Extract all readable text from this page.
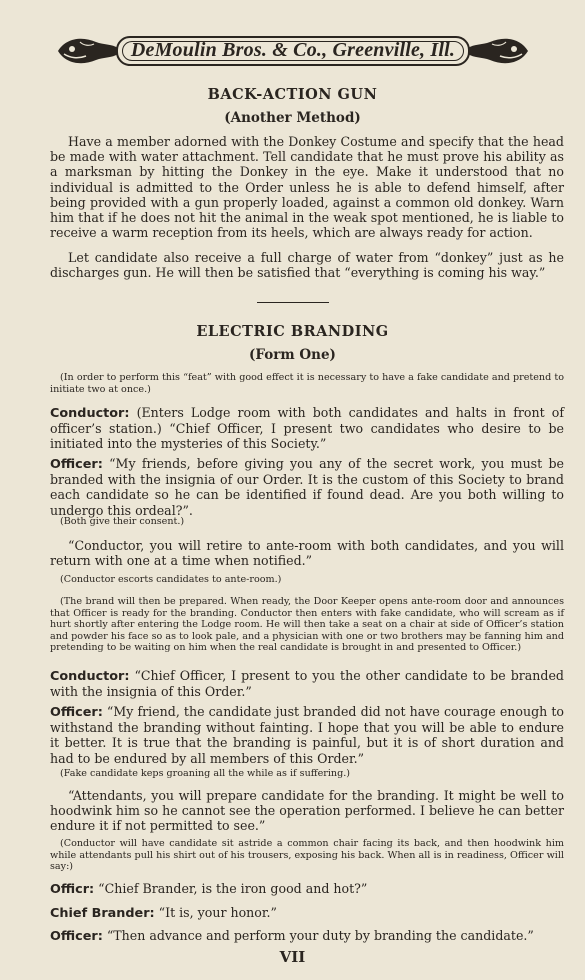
DeMoulin Bros. & Co., Greenville, Ill.
BACK-ACTION GUN
(Another Method)

Have a member adorned with the Donkey Costume and specify that the head be made with water attachment. Tell candidate that he must prove his ability as a marksman by hitting the Donkey in the eye. Make it understood that no individual is admitted to the Order unless he is able to defend himself, after being provided with a gun properly loaded, against a common old donkey. Warn him that if he does not hit the animal in the weak spot mentioned, he is liable to receive a warm reception from its heels, which are always ready for action.

Let candidate also receive a full charge of water from “donkey” just as he discharges gun. He will then be satisfied that “everything is coming his way.”

ELECTRIC BRANDING
(Form One)

(In order to perform this “feat” with good effect it is necessary to have a fake candidate and pretend to initiate two at once.)

Conductor: (Enters Lodge room with both candidates and halts in front of officer’s station.) “Chief Officer, I present two candidates who desire to be initiated into the mysteries of this Society.”

Officer: “My friends, before giving you any of the secret work, you must be branded with the insignia of our Order. It is the custom of this Society to brand each candidate so he can be identified if found dead. Are you both willing to undergo this ordeal?”.

(Both give their consent.)

“Conductor, you will retire to ante-room with both candidates, and you will return with one at a time when notified.”

(Conductor escorts candidates to ante-room.)

(The brand will then be prepared. When ready, the Door Keeper opens ante-room door and announces that Officer is ready for the branding. Conductor then enters with fake candidate, who will scream as if hurt shortly after entering the Lodge room. He will then take a seat on a chair at side of Officer’s station and powder his face so as to look pale, and a physician with one or two brothers may be fanning him and pretending to be waiting on him when the real candidate is brought in and presented to Officer.)

Conductor: “Chief Officer, I present to you the other candidate to be branded with the insignia of this Order.”

Officer: “My friend, the candidate just branded did not have courage enough to withstand the branding without fainting. I hope that you will be able to endure it better. It is true that the branding is painful, but it is of short duration and had to be endured by all members of this Order.”

(Fake candidate keps groaning all the while as if suffering.)

“Attendants, you will prepare candidate for the branding. It might be well to hoodwink him so he cannot see the operation performed. I believe he can better endure it if not permitted to see.”

(Conductor will have candidate sit astride a common chair facing its back, and then hoodwink him while attendants pull his shirt out of his trousers, exposing his back. When all is in readiness, Officer will say:)

Officr: “Chief Brander, is the iron good and hot?”

Chief Brander: “It is, your honor.”

Officer: “Then advance and perform your duty by branding the candidate.”

VII
